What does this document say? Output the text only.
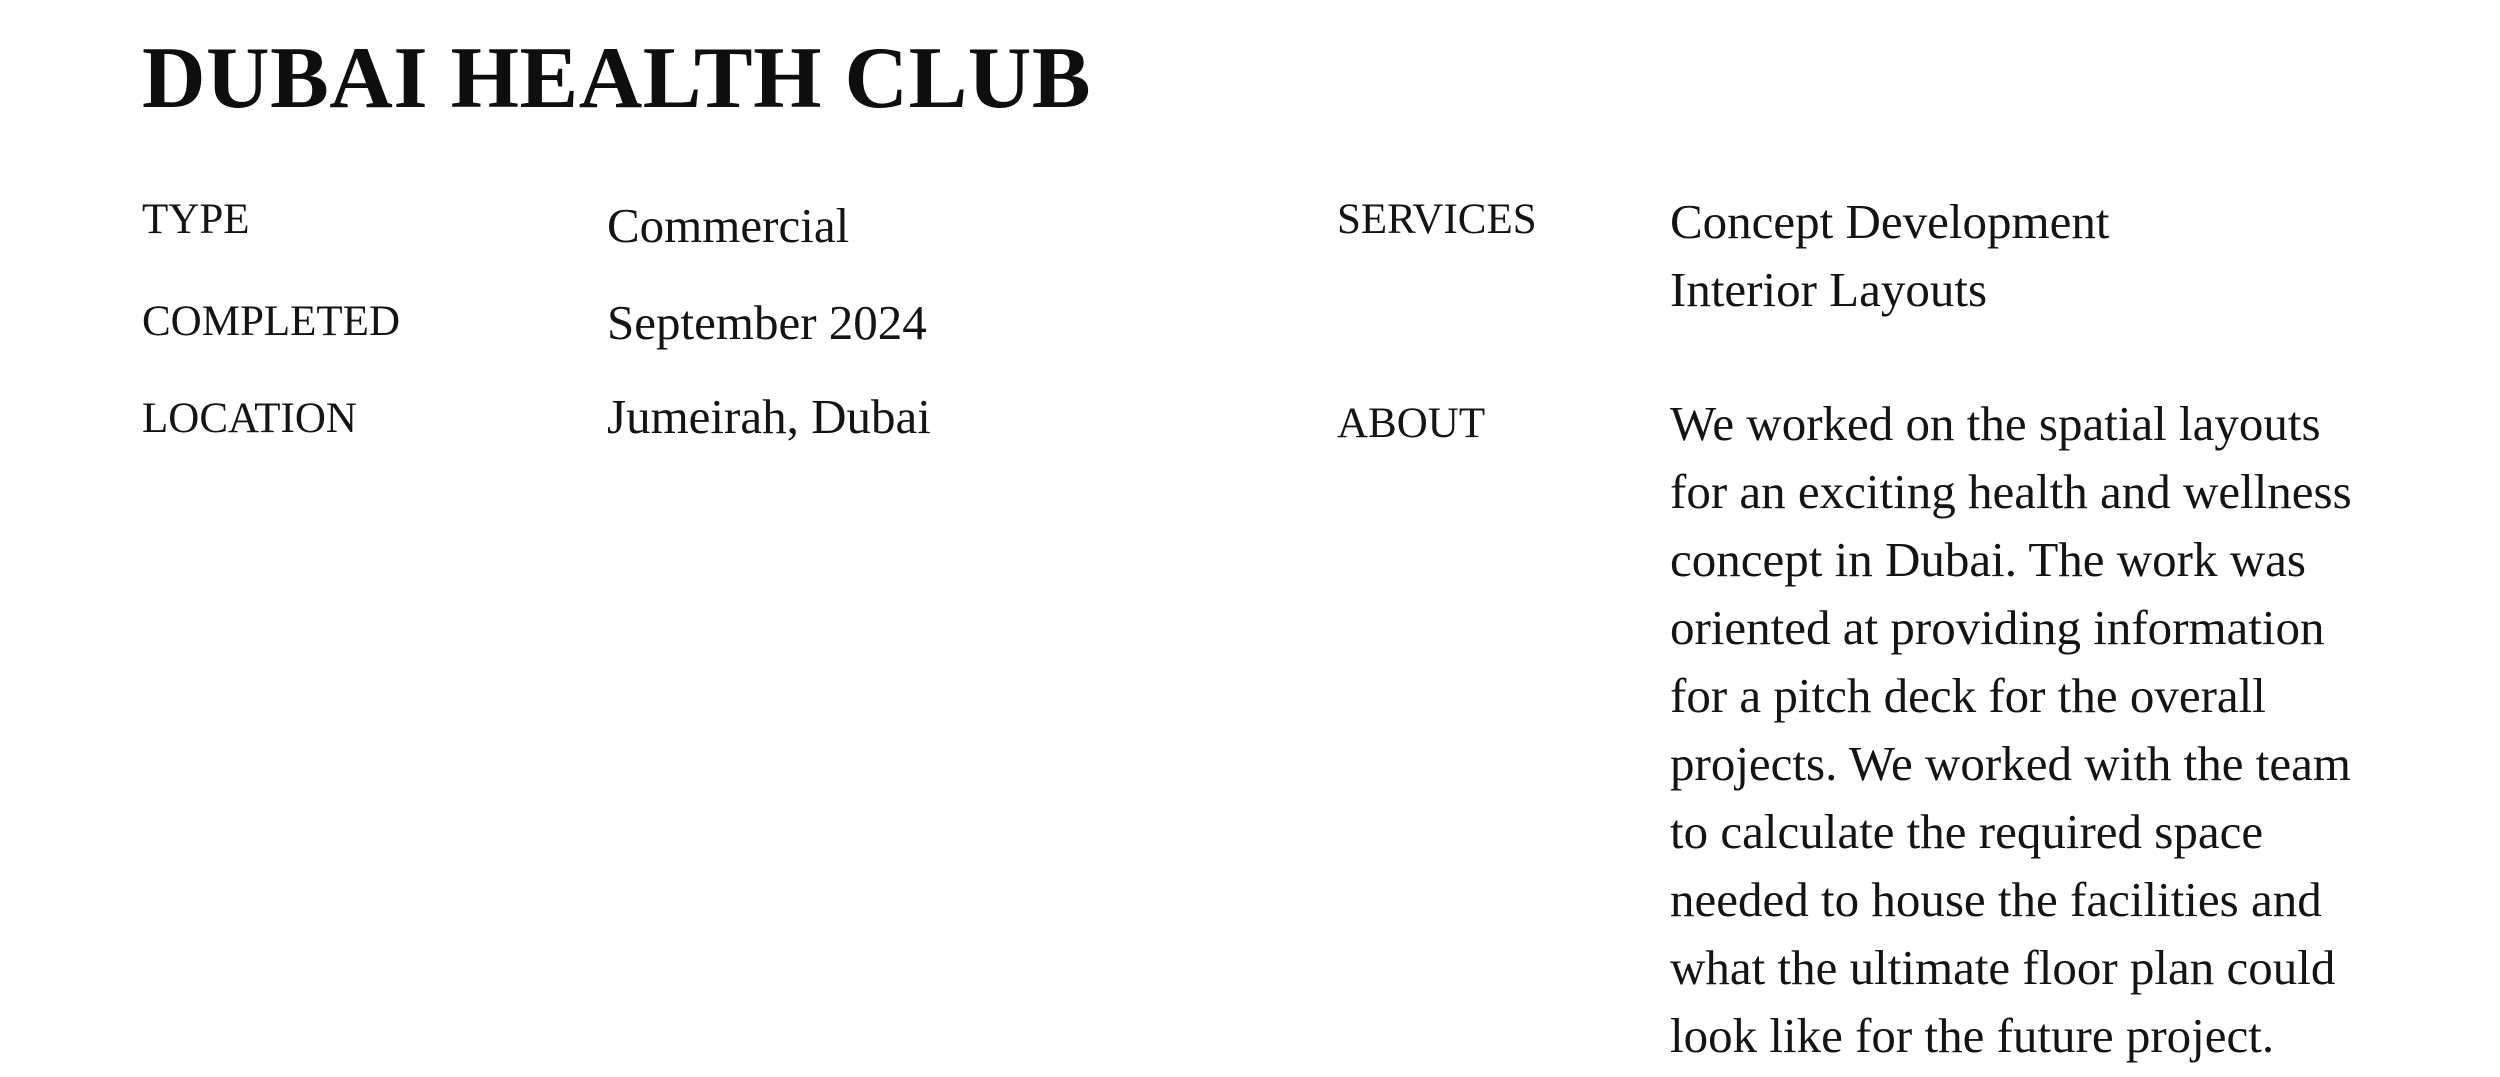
DUBAI HEALTH CLUB
TYPE	Commercial
COMPLETED	September 2024
LOCATION	Jumeirah, Dubai
SERVICES	Concept Development
Interior Layouts
ABOUT	We worked on the spatial layouts for an exciting health and wellness concept in Dubai. The work was oriented at providing information for a pitch deck for the overall projects. We worked with the team to calculate the required space needed to house the facilities and what the ultimate floor plan could look like for the future project.
